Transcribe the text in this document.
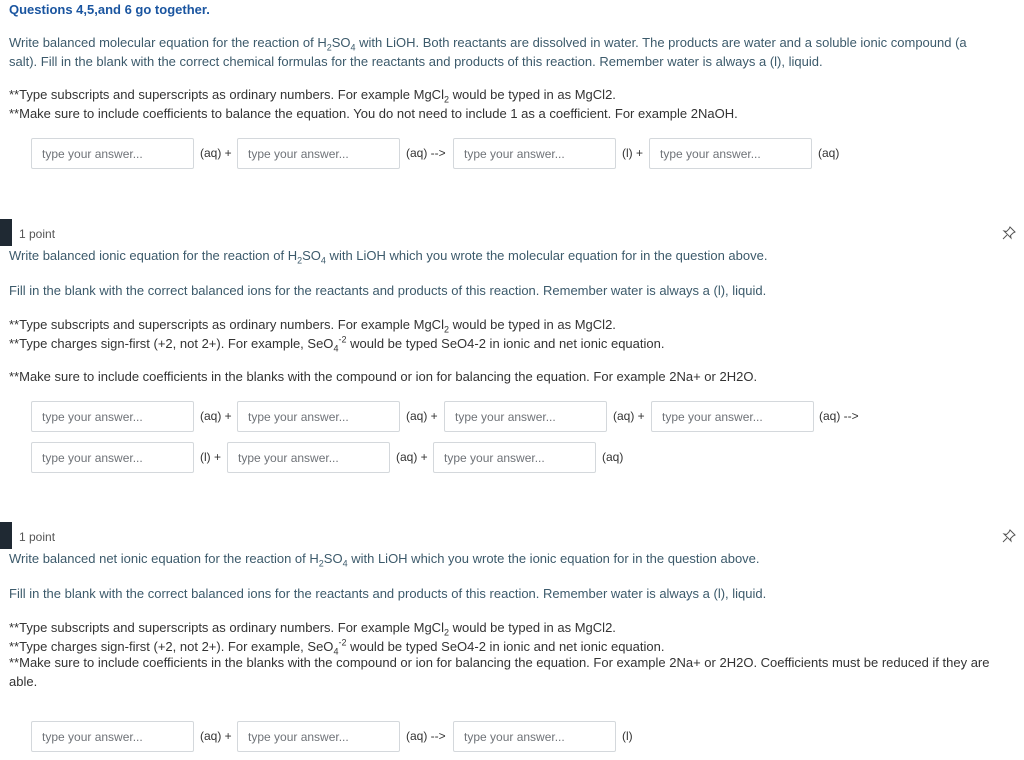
Questions 4,5,and 6 go together.
Write balanced molecular equation for the reaction of $H_2SO_4$ with LiOH. Both reactants are dissolved in water. The products are water and a soluble ionic compound (a
salt). Fill in the blank with the correct chemical formulas for the reactants and products of this reaction. Remember water is always a (l), liquid.
**Type subscripts and superscripts as ordinary numbers. For example MgCl$_2$ would be typed in as MgCl2.
**Make sure to include coefficients to balance the equation. You do not need to include 1 as a coefficient. For example 2NaOH.
type your answer...
(aq) +
type your answer...	(aq) -->
type your answer...	(l) +
type your answer...	(aq)
1 point
Write balanced ionic equation for the reaction of $H_2SO_4$ with LiOH which you wrote the molecular equation for in the question above.
Fill in the blank with the correct balanced ions for the reactants and products of this reaction. Remember water is always a (l), liquid.
**Type subscripts and superscripts as ordinary numbers. For example MgCl$_2$ would be typed in as MgCl2.
**Type charges sign-first (+2, not 2+). For example, SeO$_4^{-2}$ would be typed SeO4-2 in ionic and net ionic equation.
**Make sure to include coefficients in the blanks with the compound or ion for balancing the equation. For example 2Na+ or 2H2O.
type your answer...
(aq) +
type your answer...	(aq) +
type your answer...	(aq) +
type your answer...	(aq) -->
type your answer...
(l) +
type your answer...	(aq) +
type your answer...	(aq)
1 point
Write balanced net ionic equation for the reaction of $H_2SO_4$ with LiOH which you wrote the ionic equation for in the question above.
Fill in the blank with the correct balanced ions for the reactants and products of this reaction. Remember water is always a (l), liquid.
**Type subscripts and superscripts as ordinary numbers. For example MgCl$_2$ would be typed in as MgCl2.
**Type charges sign-first (+2, not 2+). For example, SeO$_4^{-2}$ would be typed SeO4-2 in ionic and net ionic equation.
**Make sure to include coefficients in the blanks with the compound or ion for balancing the equation. For example 2Na+ or 2H2O. Coefficients must be reduced if they are
able.
type your answer...
(aq) +
type your answer...	(aq) -->
type your answer...	(l)
